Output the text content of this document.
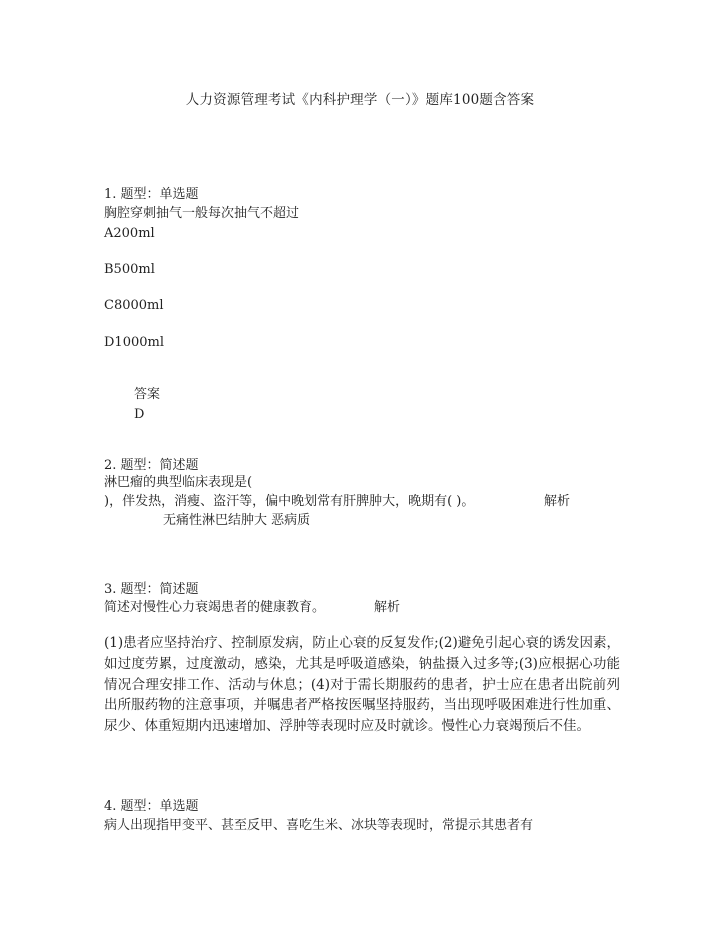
人力资源管理考试《内科护理学（一）》题库100题含答案
1. 题型：单选题
胸腔穿刺抽气一般每次抽气不超过
A200ml
B500ml
C8000ml
D1000ml
答案
D
2. 题型：简述题
淋巴瘤的典型临床表现是(
)，伴发热，消瘦、盗汗等，偏中晚划常有肝脾肿大，晚期有( )。	解析
无痛性淋巴结肿大 恶病质
3. 题型：简述题
简述对慢性心力衰竭患者的健康教育。	解析
(1)患者应坚持治疗、控制原发病，防止心衰的反复发作;(2)避免引起心衰的诱发因素，如过度劳累，过度激动，感染，尤其是呼吸道感染，钠盐摄入过多等;(3)应根据心功能情况合理安排工作、活动与休息；(4)对于需长期服药的患者，护士应在患者出院前列出所服药物的注意事项，并嘱患者严格按医嘱坚持服药，当出现呼吸困难进行性加重、尿少、体重短期内迅速增加、浮肿等表现时应及时就诊。慢性心力衰竭预后不佳。
4. 题型：单选题
病人出现指甲变平、甚至反甲、喜吃生米、冰块等表现时，常提示其患者有
